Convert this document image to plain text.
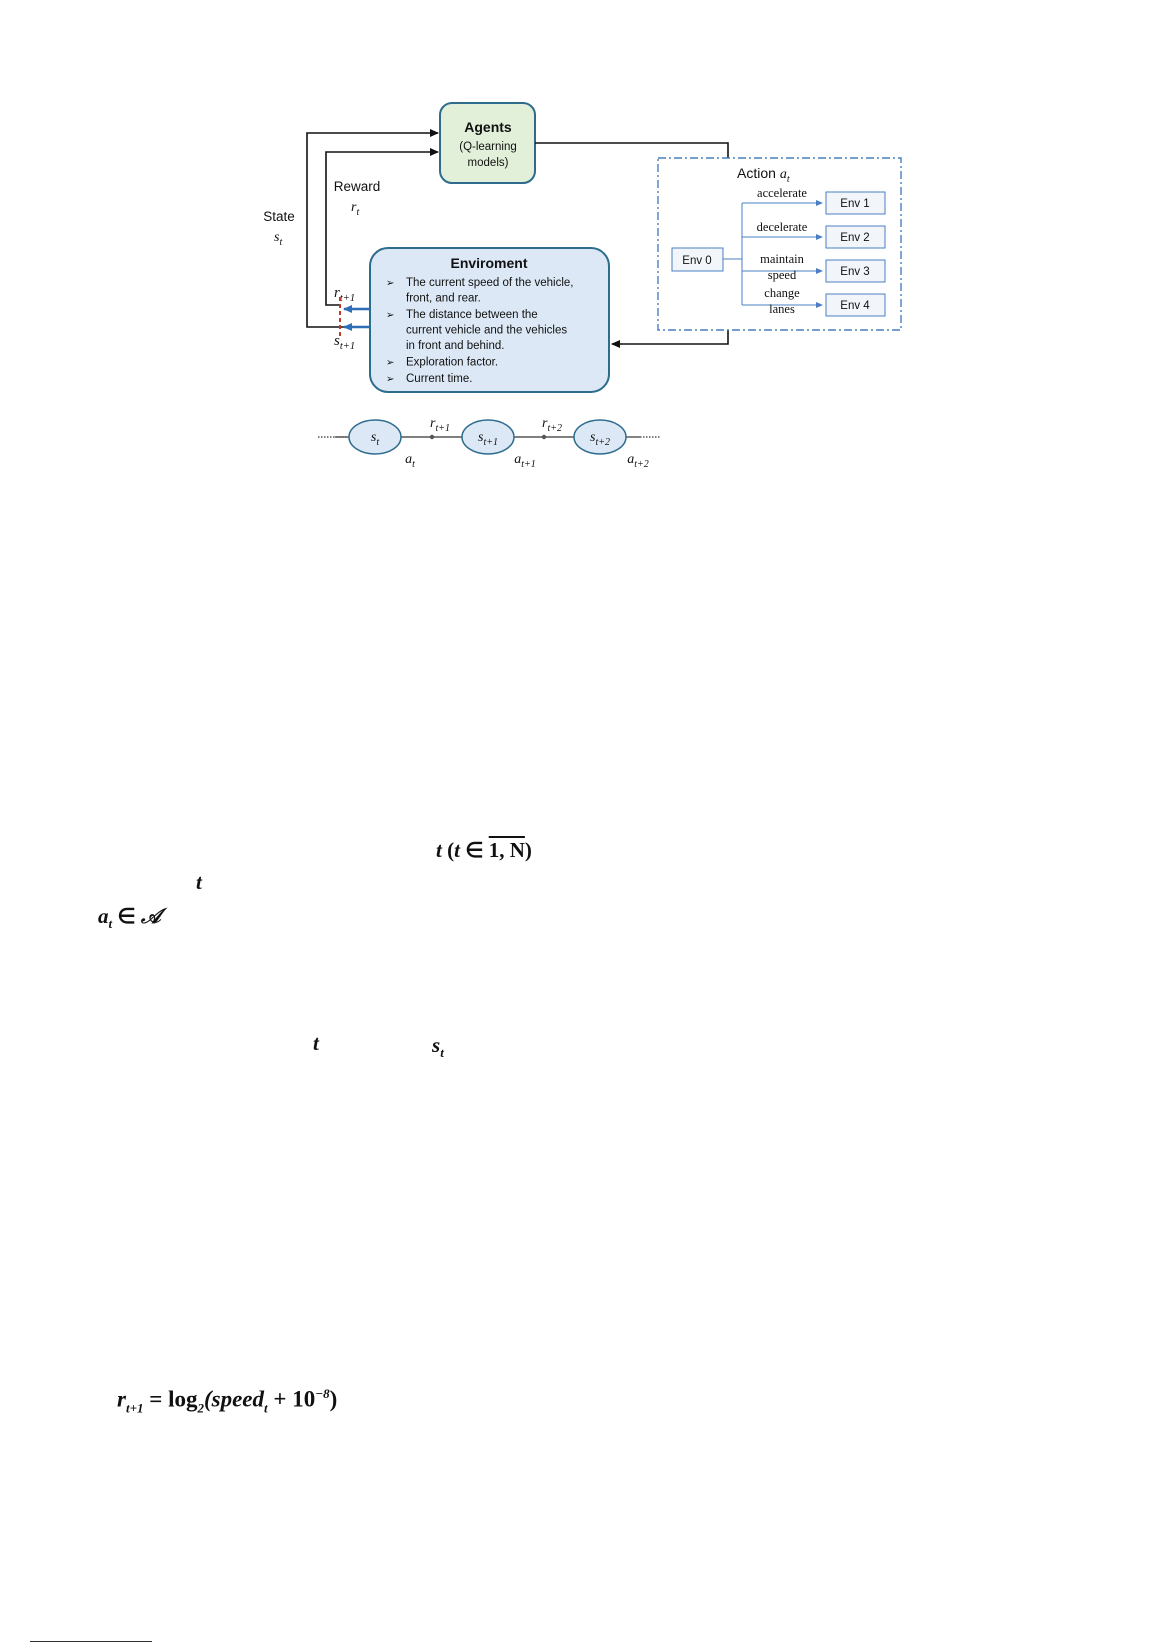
Agents
(Q-learning
models)
State
$s_t$
Reward
$r_t$
$r_{t+1}$
$s_{t+1}$
Enviroment
➢ The current speed of the vehicle,
front, and rear.
➢ The distance between the
current vehicle and the vehicles
in front and behind.
➢ Exploration factor.
➢ Current time.
Action $a_t$
Env 0
accelerate
Env 1
decelerate
Env 2
maintain
speed	Env 3
change
lanes	Env 4
$s_t$	$s_{t+1}$	$s_{t+2}$
$r_{t+1}$	$r_{t+2}$
$a_t$	$a_{t+1}$	$a_{t+2}$
t (t ∈ 1, N)
t
$a_t$ ∈ 𝒜
t	$s_t$
$r_{t+1}$ = $\log_2(speed_t + 10^{-8})$
